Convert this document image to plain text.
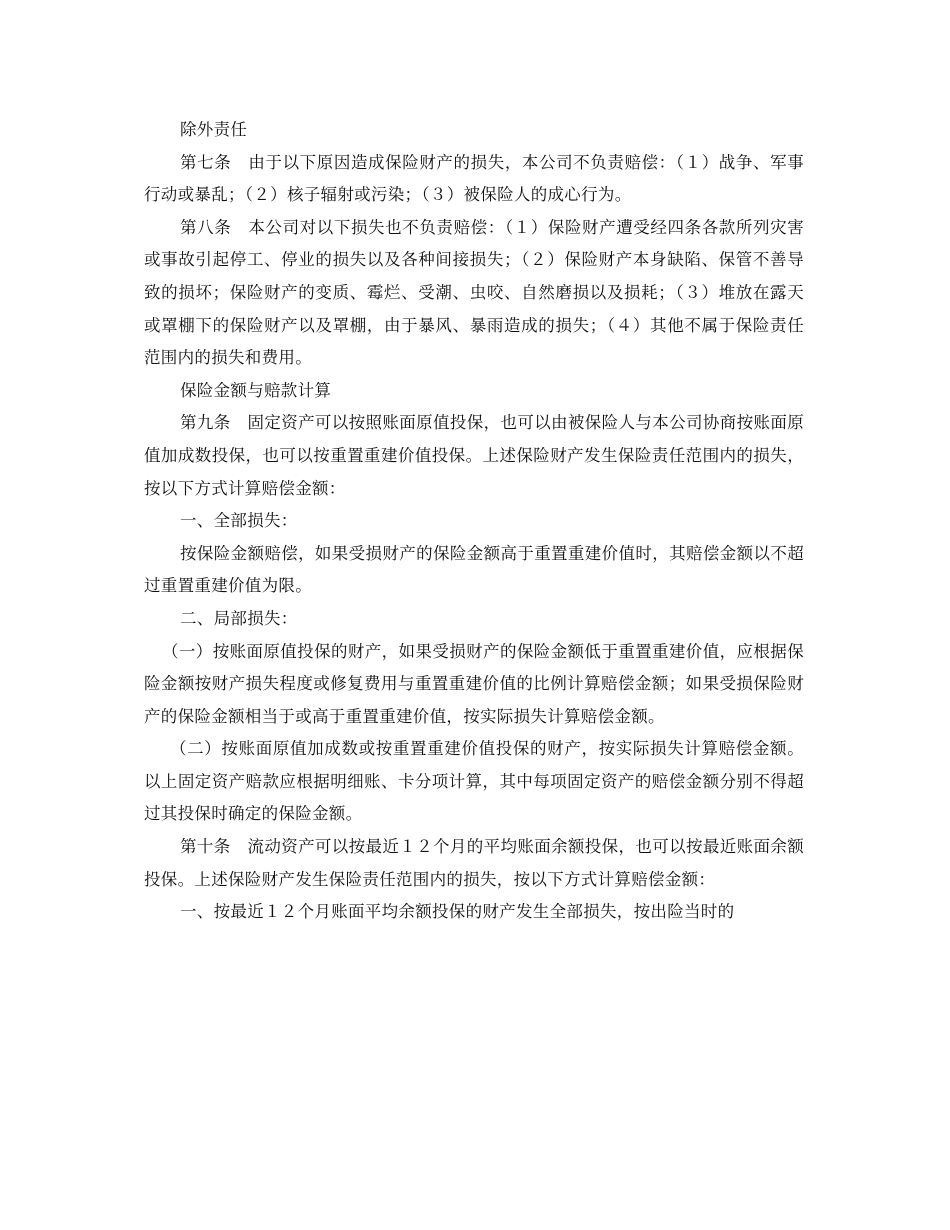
除外责任

第七条　由于以下原因造成保险财产的损失，本公司不负责赔偿：（１）战争、军事行动或暴乱；（２）核子辐射或污染；（３）被保险人的成心行为。

第八条　本公司对以下损失也不负责赔偿：（１）保险财产遭受经四条各款所列灾害或事故引起停工、停业的损失以及各种间接损失；（２）保险财产本身缺陷、保管不善导致的损坏；保险财产的变质、霉烂、受潮、虫咬、自然磨损以及损耗；（３）堆放在露天或罩棚下的保险财产以及罩棚，由于暴风、暴雨造成的损失；（４）其他不属于保险责任范围内的损失和费用。

保险金额与赔款计算

第九条　固定资产可以按照账面原值投保，也可以由被保险人与本公司协商按账面原值加成数投保，也可以按重置重建价值投保。上述保险财产发生保险责任范围内的损失，按以下方式计算赔偿金额：

一、全部损失：

按保险金额赔偿，如果受损财产的保险金额高于重置重建价值时，其赔偿金额以不超过重置重建价值为限。

二、局部损失：

（一）按账面原值投保的财产，如果受损财产的保险金额低于重置重建价值，应根据保险金额按财产损失程度或修复费用与重置重建价值的比例计算赔偿金额；如果受损保险财产的保险金额相当于或高于重置重建价值，按实际损失计算赔偿金额。

（二）按账面原值加成数或按重置重建价值投保的财产，按实际损失计算赔偿金额。以上固定资产赔款应根据明细账、卡分项计算，其中每项固定资产的赔偿金额分别不得超过其投保时确定的保险金额。

第十条　流动资产可以按最近１２个月的平均账面余额投保，也可以按最近账面余额投保。上述保险财产发生保险责任范围内的损失，按以下方式计算赔偿金额：

一、按最近１２个月账面平均余额投保的财产发生全部损失，按出险当时的
